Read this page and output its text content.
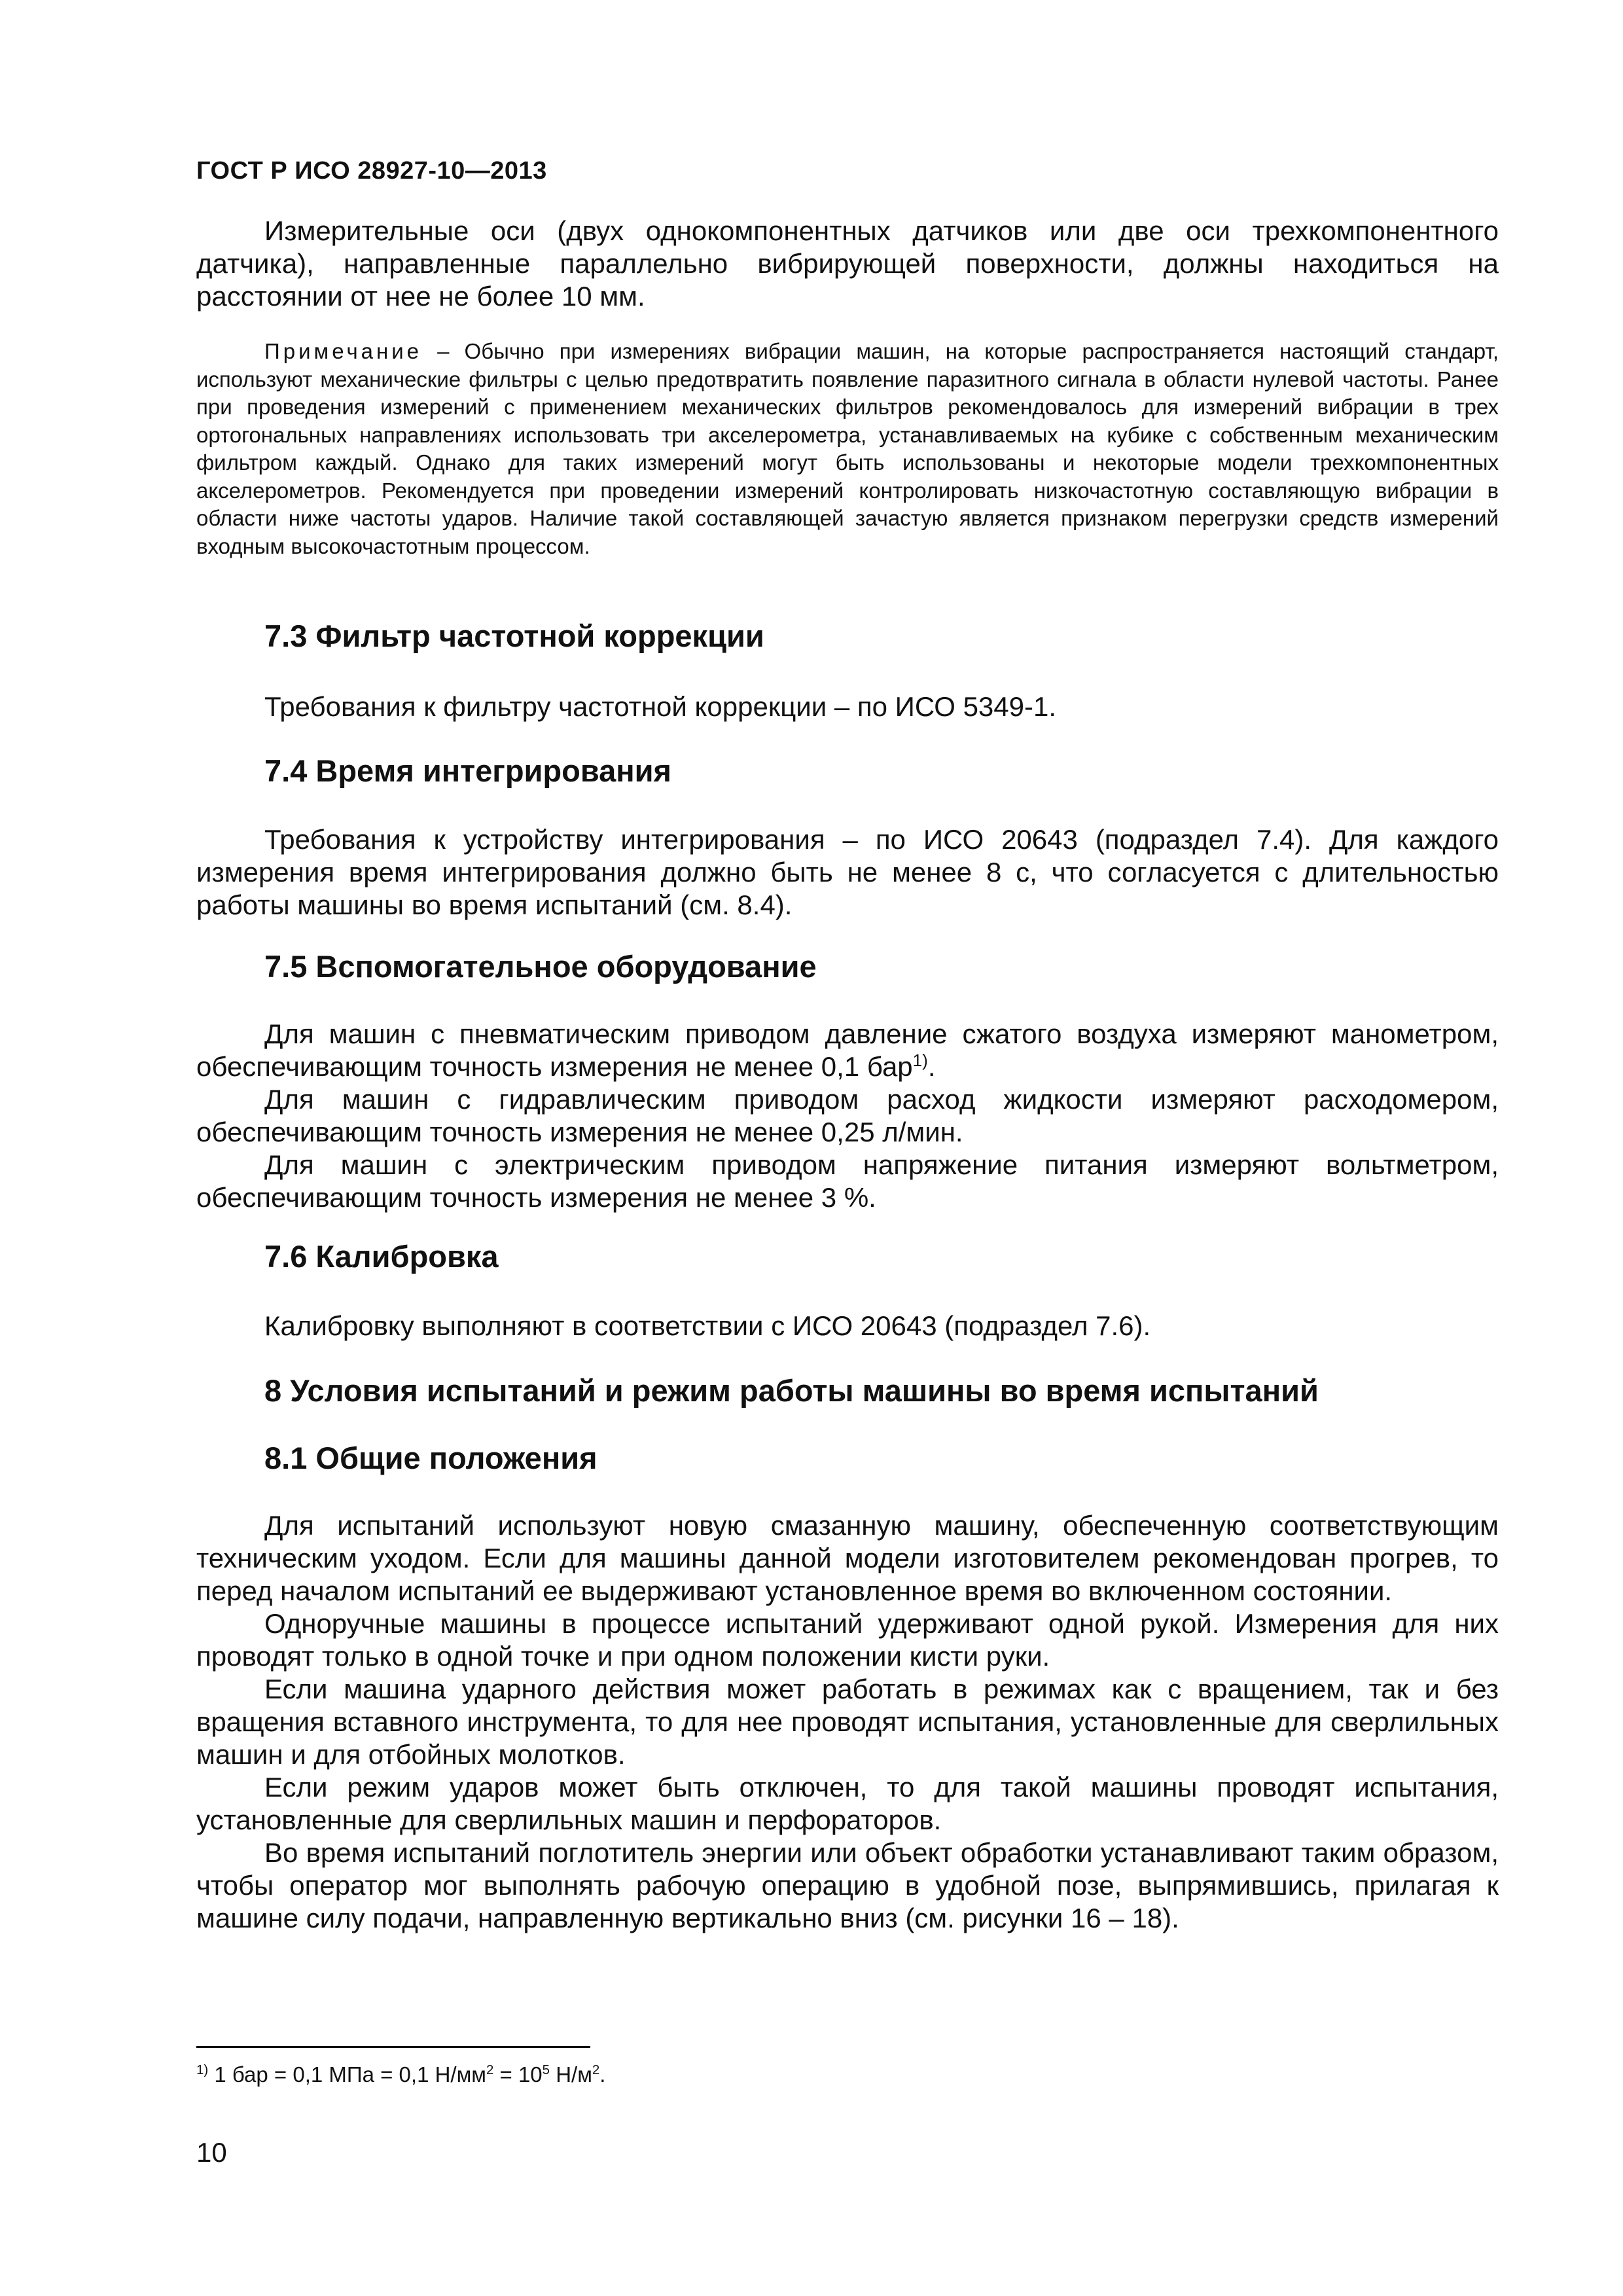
ГОСТ Р ИСО 28927-10—2013

Измерительные оси (двух однокомпонентных датчиков или две оси трехкомпонентного датчика), направленные параллельно вибрирующей поверхности, должны находиться на расстоянии от нее не более 10 мм.

Примечание – Обычно при измерениях вибрации машин, на которые распространяется настоящий стандарт, используют механические фильтры с целью предотвратить появление паразитного сигнала в области нулевой частоты. Ранее при проведения измерений с применением механических фильтров рекомендовалось для измерений вибрации в трех ортогональных направлениях использовать три акселерометра, устанавливаемых на кубике с собственным механическим фильтром каждый. Однако для таких измерений могут быть использованы и некоторые модели трехкомпонентных акселерометров. Рекомендуется при проведении измерений контролировать низкочастотную составляющую вибрации в области ниже частоты ударов. Наличие такой составляющей зачастую является признаком перегрузки средств измерений входным высокочастотным процессом.

7.3 Фильтр частотной коррекции

Требования к фильтру частотной коррекции – по ИСО 5349-1.

7.4 Время интегрирования

Требования к устройству интегрирования – по ИСО 20643 (подраздел 7.4). Для каждого измерения время интегрирования должно быть не менее 8 с, что согласуется с длительностью работы машины во время испытаний (см. 8.4).

7.5 Вспомогательное оборудование

Для машин с пневматическим приводом давление сжатого воздуха измеряют манометром, обеспечивающим точность измерения не менее 0,1 бар$^{1)}$.

Для машин с гидравлическим приводом расход жидкости измеряют расходомером, обеспечивающим точность измерения не менее 0,25 л/мин.

Для машин с электрическим приводом напряжение питания измеряют вольтметром, обеспечивающим точность измерения не менее 3 %.

7.6 Калибровка

Калибровку выполняют в соответствии с ИСО 20643 (подраздел 7.6).

8 Условия испытаний и режим работы машины во время испытаний
8.1 Общие положения

Для испытаний используют новую смазанную машину, обеспеченную соответствующим техническим уходом. Если для машины данной модели изготовителем рекомендован прогрев, то перед началом испытаний ее выдерживают установленное время во включенном состоянии.

Одноручные машины в процессе испытаний удерживают одной рукой. Измерения для них проводят только в одной точке и при одном положении кисти руки.

Если машина ударного действия может работать в режимах как с вращением, так и без вращения вставного инструмента, то для нее проводят испытания, установленные для сверлильных машин и для отбойных молотков.

Если режим ударов может быть отключен, то для такой машины проводят испытания, установленные для сверлильных машин и перфораторов.

Во время испытаний поглотитель энергии или объект обработки устанавливают таким образом, чтобы оператор мог выполнять рабочую операцию в удобной позе, выпрямившись, прилагая к машине силу подачи, направленную вертикально вниз (см. рисунки 16 – 18).

$^{1)}$ 1 бар = 0,1 МПа = 0,1 $Н/мм^2 = 10^5$ $Н/м^2$.
10
